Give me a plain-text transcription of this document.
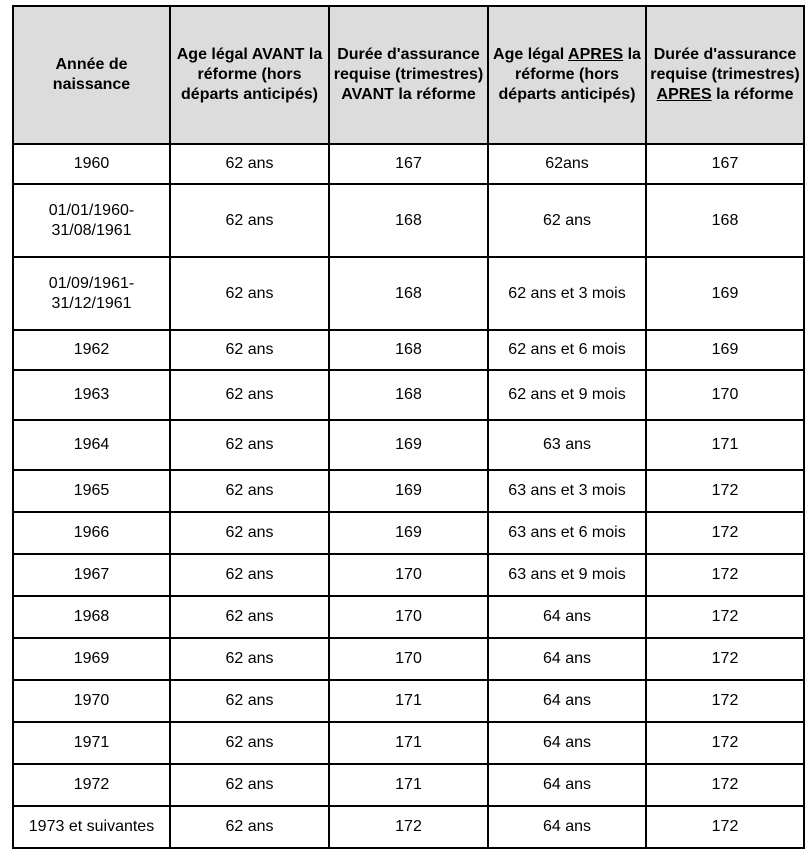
Année de naissance	Age légal AVANT la réforme (hors départs anticipés)	Durée d'assurance requise (trimestres) AVANT la réforme	Age légal APRES la réforme (hors départs anticipés)	Durée d'assurance requise (trimestres) APRES la réforme
1960	62 ans	167	62ans	167
01/01/1960-
31/08/1961	62 ans	168	62 ans	168
01/09/1961-
31/12/1961	62 ans	168	62 ans et 3 mois	169
1962	62 ans	168	62 ans et 6 mois	169
1963	62 ans	168	62 ans et 9 mois	170
1964	62 ans	169	63 ans	171
1965	62 ans	169	63 ans et 3 mois	172
1966	62 ans	169	63 ans et 6 mois	172
1967	62 ans	170	63 ans et 9 mois	172
1968	62 ans	170	64 ans	172
1969	62 ans	170	64 ans	172
1970	62 ans	171	64 ans	172
1971	62 ans	171	64 ans	172
1972	62 ans	171	64 ans	172
1973 et suivantes	62 ans	172	64 ans	172
